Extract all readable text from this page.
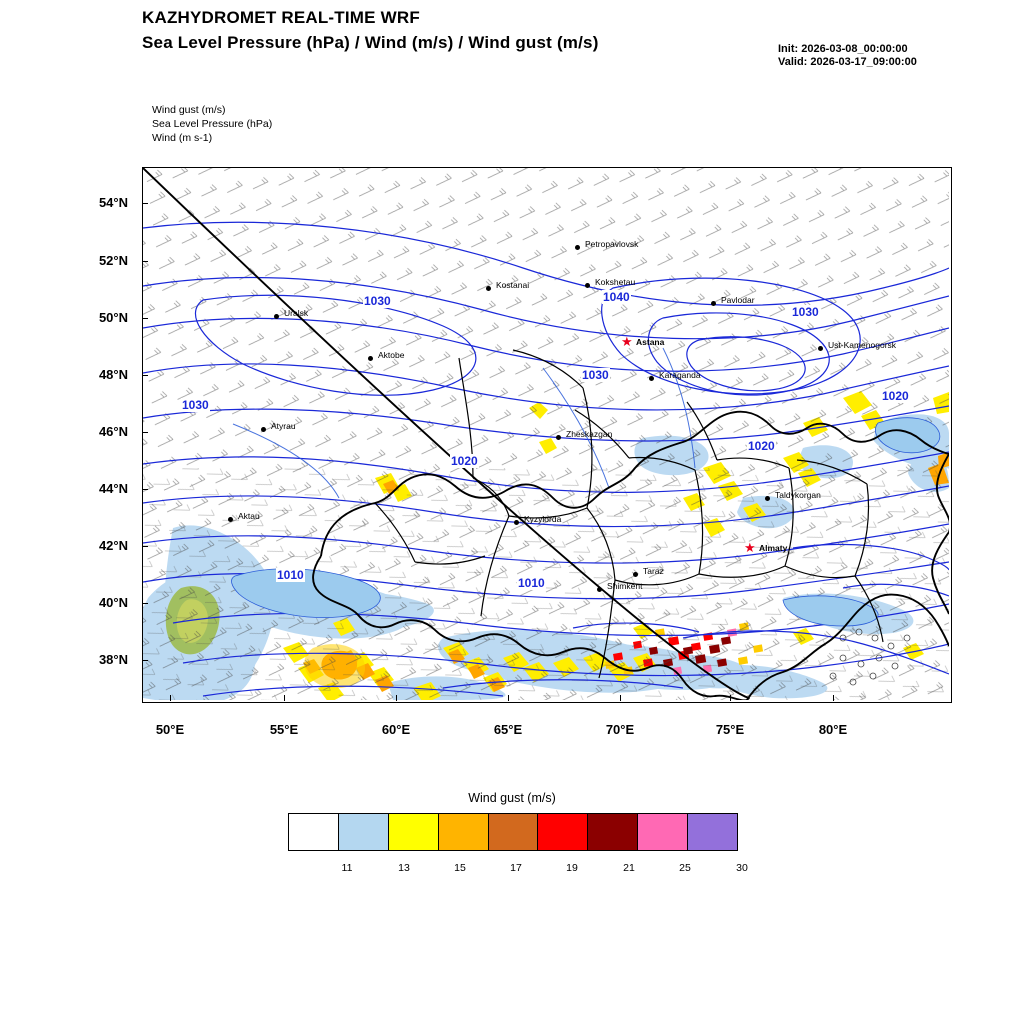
KAZHYDROMET REAL-TIME WRF
Sea Level Pressure (hPa) / Wind (m/s) / Wind gust (m/s)	Init: 2026-03-08_00:00:00
Valid: 2026-03-17_09:00:00
Wind gust (m/s)
Sea Level Pressure (hPa)
Wind (m s-1)
Petropavlovsk
Kostanai	Kokshetau
Pavlodar
Uralsk
★ Astana	Ust-Kamenogorsk
Aktobe
Karaganda
Atyrau
Zheskazgan
Taldykorgan
Aktau	Kyzylorda
★ Almaty
Taraz
Shimkent
1030	1040
1030
1030
1030
1020
1020
1020
1010
1010
54°N
52°N
50°N
48°N
46°N
44°N
42°N
40°N
38°N
50°E	55°E	60°E	65°E	70°E	75°E	80°E
Wind gust (m/s)
11	13	15	17	19	21	25	30
